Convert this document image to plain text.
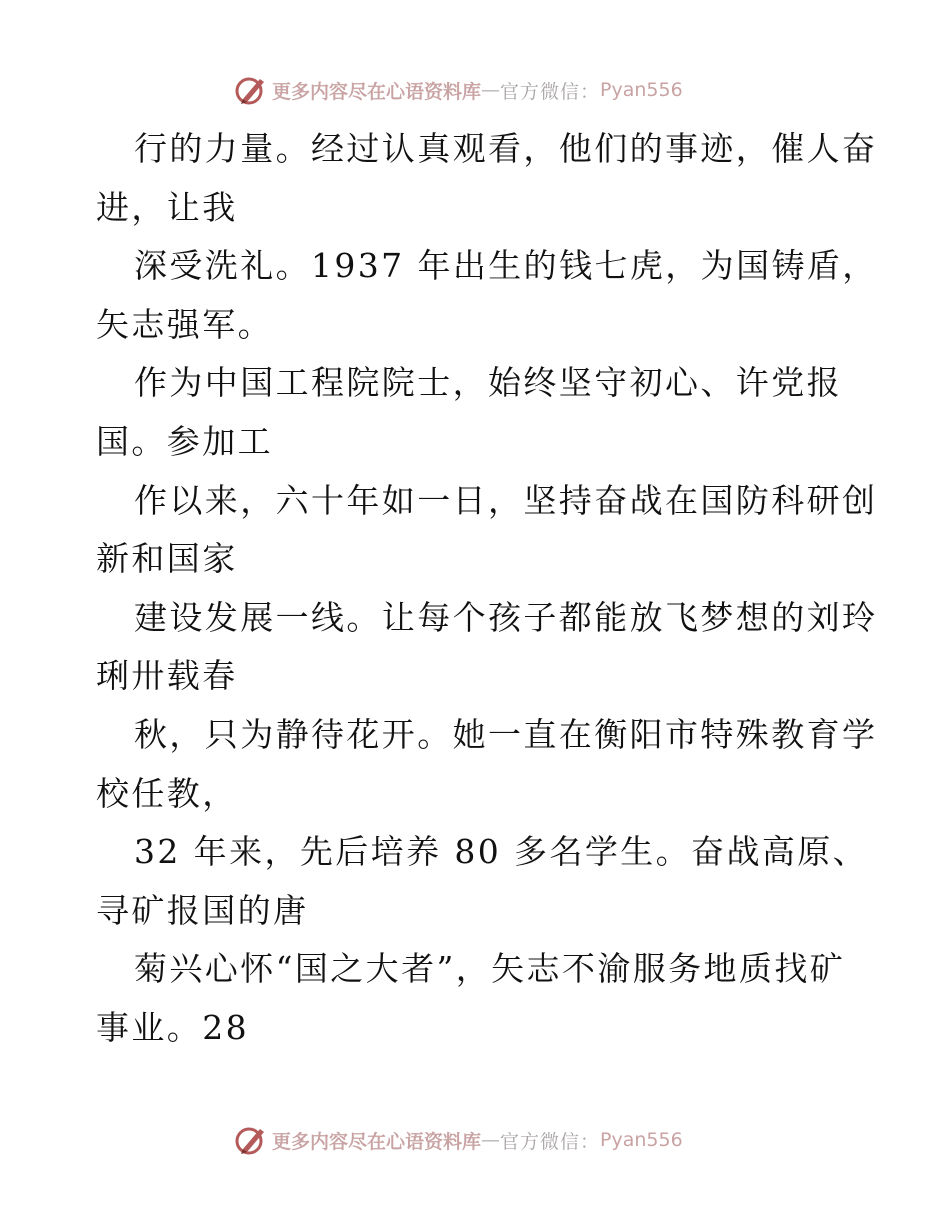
更多内容尽在心语资料库 — 官方微信： Pyan556
行的力量。经过认真观看，他们的事迹，催人奋
进，让我
深受洗礼。1937 年出生的钱七虎，为国铸盾，
矢志强军。
作为中国工程院院士，始终坚守初心、许党报
国。参加工
作以来，六十年如一日，坚持奋战在国防科研创
新和国家
建设发展一线。让每个孩子都能放飞梦想的刘玲
琍卅载春
秋，只为静待花开。她一直在衡阳市特殊教育学
校任教，
32 年来，先后培养 80 多名学生。奋战高原、
寻矿报国的唐
菊兴心怀“国之大者”，矢志不渝服务地质找矿
事业。28
更多内容尽在心语资料库 — 官方微信： Pyan556
